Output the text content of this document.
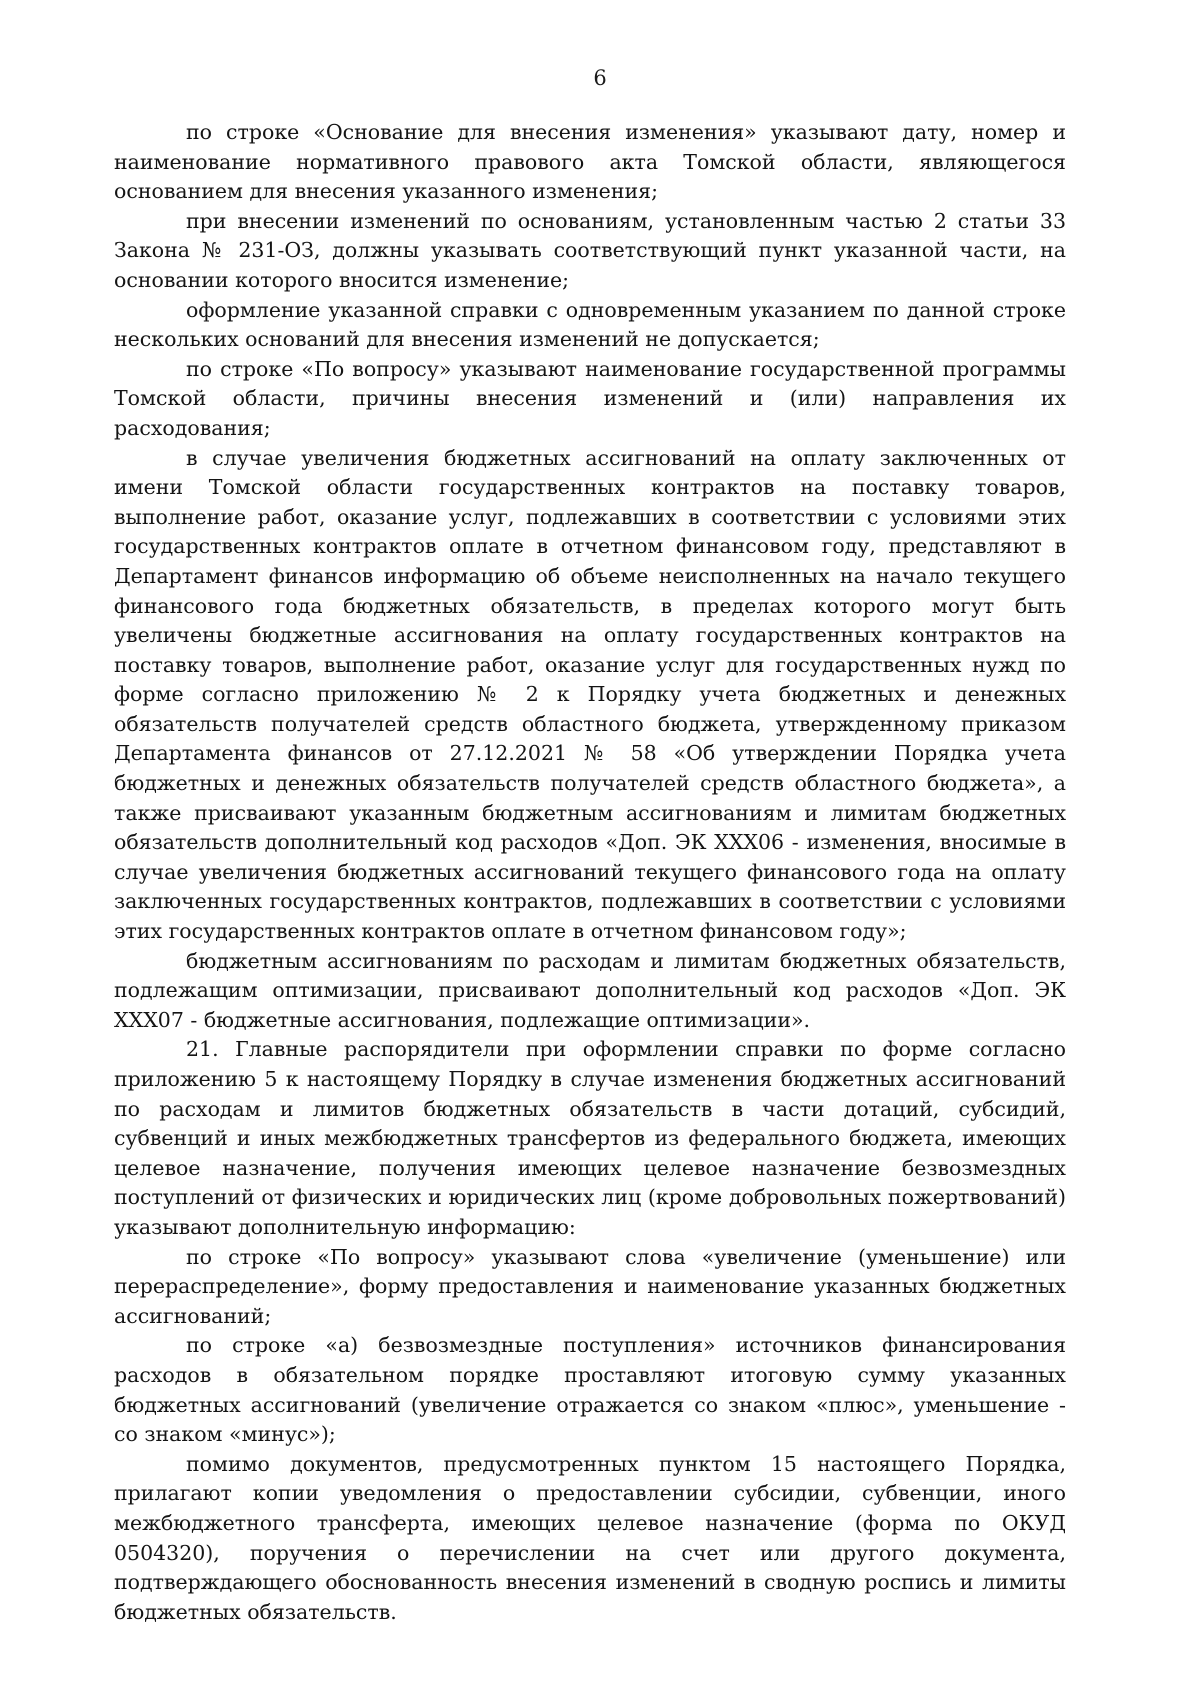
6

по строке «Основание для внесения изменения» указывают дату, номер и наименование нормативного правового акта Томской области, являющегося основанием для внесения указанного изменения;

при внесении изменений по основаниям, установленным частью 2 статьи 33 Закона № 231-ОЗ, должны указывать соответствующий пункт указанной части, на основании которого вносится изменение;

оформление указанной справки с одновременным указанием по данной строке нескольких оснований для внесения изменений не допускается;

по строке «По вопросу» указывают наименование государственной программы Томской области, причины внесения изменений и (или) направления их расходования;

в случае увеличения бюджетных ассигнований на оплату заключенных от имени Томской области государственных контрактов на поставку товаров, выполнение работ, оказание услуг, подлежавших в соответствии с условиями этих государственных контрактов оплате в отчетном финансовом году, представляют в Департамент финансов информацию об объеме неисполненных на начало текущего финансового года бюджетных обязательств, в пределах которого могут быть увеличены бюджетные ассигнования на оплату государственных контрактов на поставку товаров, выполнение работ, оказание услуг для государственных нужд по форме согласно приложению № 2 к Порядку учета бюджетных и денежных обязательств получателей средств областного бюджета, утвержденному приказом Департамента финансов от 27.12.2021 № 58 «Об утверждении Порядка учета бюджетных и денежных обязательств получателей средств областного бюджета», а также присваивают указанным бюджетным ассигнованиям и лимитам бюджетных обязательств дополнительный код расходов «Доп. ЭК XXX06 - изменения, вносимые в случае увеличения бюджетных ассигнований текущего финансового года на оплату заключенных государственных контрактов, подлежавших в соответствии с условиями этих государственных контрактов оплате в отчетном финансовом году»;

бюджетным ассигнованиям по расходам и лимитам бюджетных обязательств, подлежащим оптимизации, присваивают дополнительный код расходов «Доп. ЭК XXX07 - бюджетные ассигнования, подлежащие оптимизации».

21. Главные распорядители при оформлении справки по форме согласно приложению 5 к настоящему Порядку в случае изменения бюджетных ассигнований по расходам и лимитов бюджетных обязательств в части дотаций, субсидий, субвенций и иных межбюджетных трансфертов из федерального бюджета, имеющих целевое назначение, получения имеющих целевое назначение безвозмездных поступлений от физических и юридических лиц (кроме добровольных пожертвований) указывают дополнительную информацию:

по строке «По вопросу» указывают слова «увеличение (уменьшение) или перераспределение», форму предоставления и наименование указанных бюджетных ассигнований;

по строке «а) безвозмездные поступления» источников финансирования расходов в обязательном порядке проставляют итоговую сумму указанных бюджетных ассигнований (увеличение отражается со знаком «плюс», уменьшение - со знаком «минус»);

помимо документов, предусмотренных пунктом 15 настоящего Порядка, прилагают копии уведомления о предоставлении субсидии, субвенции, иного межбюджетного трансферта, имеющих целевое назначение (форма по ОКУД 0504320), поручения о перечислении на счет или другого документа, подтверждающего обоснованность внесения изменений в сводную роспись и лимиты бюджетных обязательств.
